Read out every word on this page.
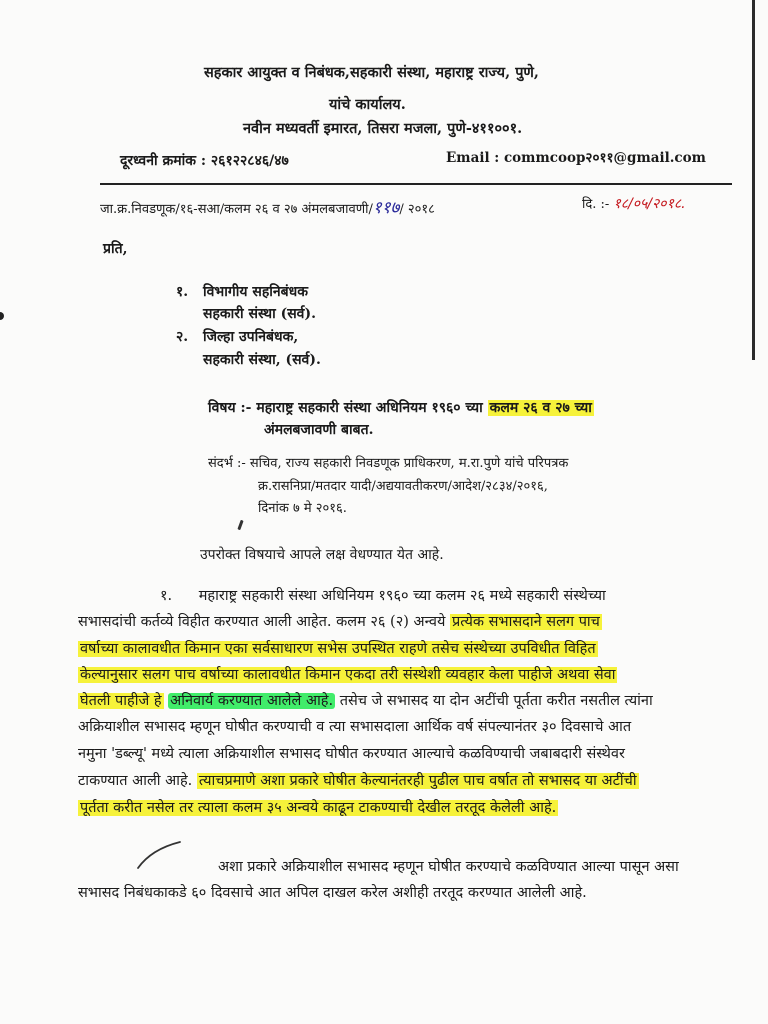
सहकार आयुक्त व निबंधक,सहकारी संस्था, महाराष्ट्र राज्य, पुणे,
यांचे कार्यालय.
नवीन मध्यवर्ती इमारत, तिसरा मजला, पुणे-४११००१.
दूरध्वनी क्रमांक : २६१२२८४६/४७	Email : commcoop२०११@gmail.com
जा.क्र.निवडणूक/१६-सआ/कलम २६ व २७ अंमलबजावणी/११७/ २०१८	दि. :- १८/०५/२०१८.
प्रति,
१. विभागीय सहनिबंधक
सहकारी संस्था (सर्व).
२. जिल्हा उपनिबंधक,
सहकारी संस्था, (सर्व).
विषय :- महाराष्ट्र सहकारी संस्था अधिनियम १९६० च्या कलम २६ व २७ च्या
अंमलबजावणी बाबत.
संदर्भ :- सचिव, राज्य सहकारी निवडणूक प्राधिकरण, म.रा.पुणे यांचे परिपत्रक
क्र.रासनिप्रा/मतदार यादी/अद्ययावतीकरण/आदेश/२८३४/२०१६,
दिनांक ७ मे २०१६.
उपरोक्त विषयाचे आपले लक्ष वेधण्यात येत आहे.
१. महाराष्ट्र सहकारी संस्था अधिनियम १९६० च्या कलम २६ मध्ये सहकारी संस्थेच्या
सभासदांची कर्तव्ये विहीत करण्यात आली आहेत. कलम २६ (२) अन्वये प्रत्येक सभासदाने सलग पाच
वर्षाच्या कालावधीत किमान एका सर्वसाधारण सभेस उपस्थित राहणे तसेच संस्थेच्या उपविधीत विहित
केल्यानुसार सलग पाच वर्षाच्या कालावधीत किमान एकदा तरी संस्थेशी व्यवहार केला पाहीजे अथवा सेवा
घेतली पाहीजे हे अनिवार्य करण्यात आलेले आहे. तसेच जे सभासद या दोन अटींची पूर्तता करीत नसतील त्यांना
अक्रियाशील सभासद म्हणून घोषीत करण्याची व त्या सभासदाला आर्थिक वर्ष संपल्यानंतर ३० दिवसाचे आत
नमुना 'डब्ल्यू' मध्ये त्याला अक्रियाशील सभासद घोषीत करण्यात आल्याचे कळविण्याची जबाबदारी संस्थेवर
टाकण्यात आली आहे. त्याचप्रमाणे अशा प्रकारे घोषीत केल्यानंतरही पुढील पाच वर्षात तो सभासद या अटींची
पूर्तता करीत नसेल तर त्याला कलम ३५ अन्वये काढून टाकण्याची देखील तरतूद केलेली आहे.
अशा प्रकारे अक्रियाशील सभासद म्हणून घोषीत करण्याचे कळविण्यात आल्या पासून असा
सभासद निबंधकाकडे ६० दिवसाचे आत अपिल दाखल करेल अशीही तरतूद करण्यात आलेली आहे.
